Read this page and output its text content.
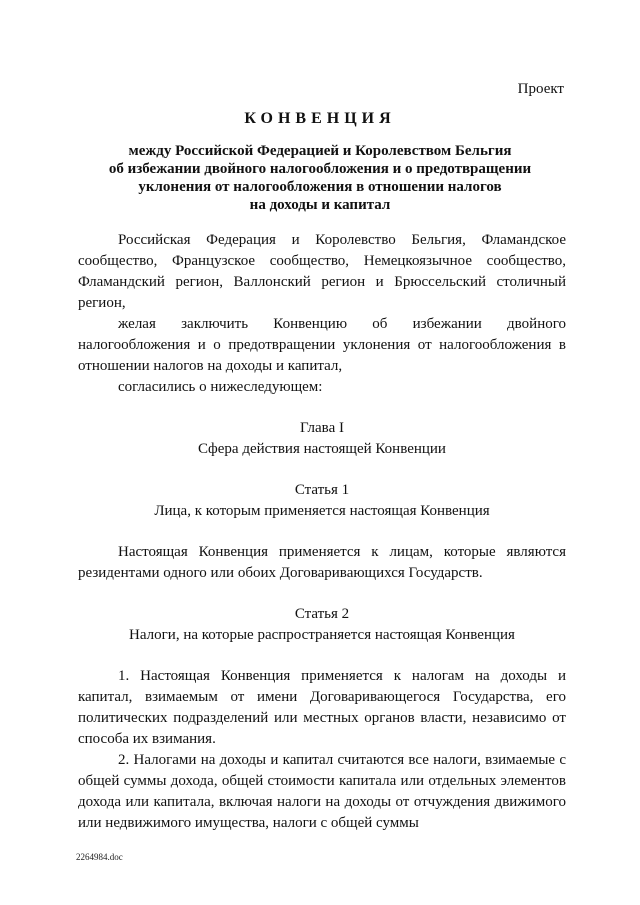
Проект

КОНВЕНЦИЯ

между Российской Федерацией и Королевством Бельгия
об избежании двойного налогообложения и о предотвращении
уклонения от налогообложения в отношении налогов
на доходы и капитал

Российская Федерация и Королевство Бельгия, Фламандское сообщество, Французское сообщество, Немецкоязычное сообщество, Фламандский регион, Валлонский регион и Брюссельский столичный регион,

желая заключить Конвенцию об избежании двойного налогообложения и о предотвращении уклонения от налогообложения в отношении налогов на доходы и капитал,

согласились о нижеследующем:

Глава I

Сфера действия настоящей Конвенции

Статья 1

Лица, к которым применяется настоящая Конвенция

Настоящая Конвенция применяется к лицам, которые являются резидентами одного или обоих Договаривающихся Государств.

Статья 2

Налоги, на которые распространяется настоящая Конвенция

1. Настоящая Конвенция применяется к налогам на доходы и капитал, взимаемым от имени Договаривающегося Государства, его политических подразделений или местных органов власти, независимо от способа их взимания.

2. Налогами на доходы и капитал считаются все налоги, взимаемые с общей суммы дохода, общей стоимости капитала или отдельных элементов дохода или капитала, включая налоги на доходы от отчуждения движимого или недвижимого имущества, налоги с общей суммы

2264984.doc
